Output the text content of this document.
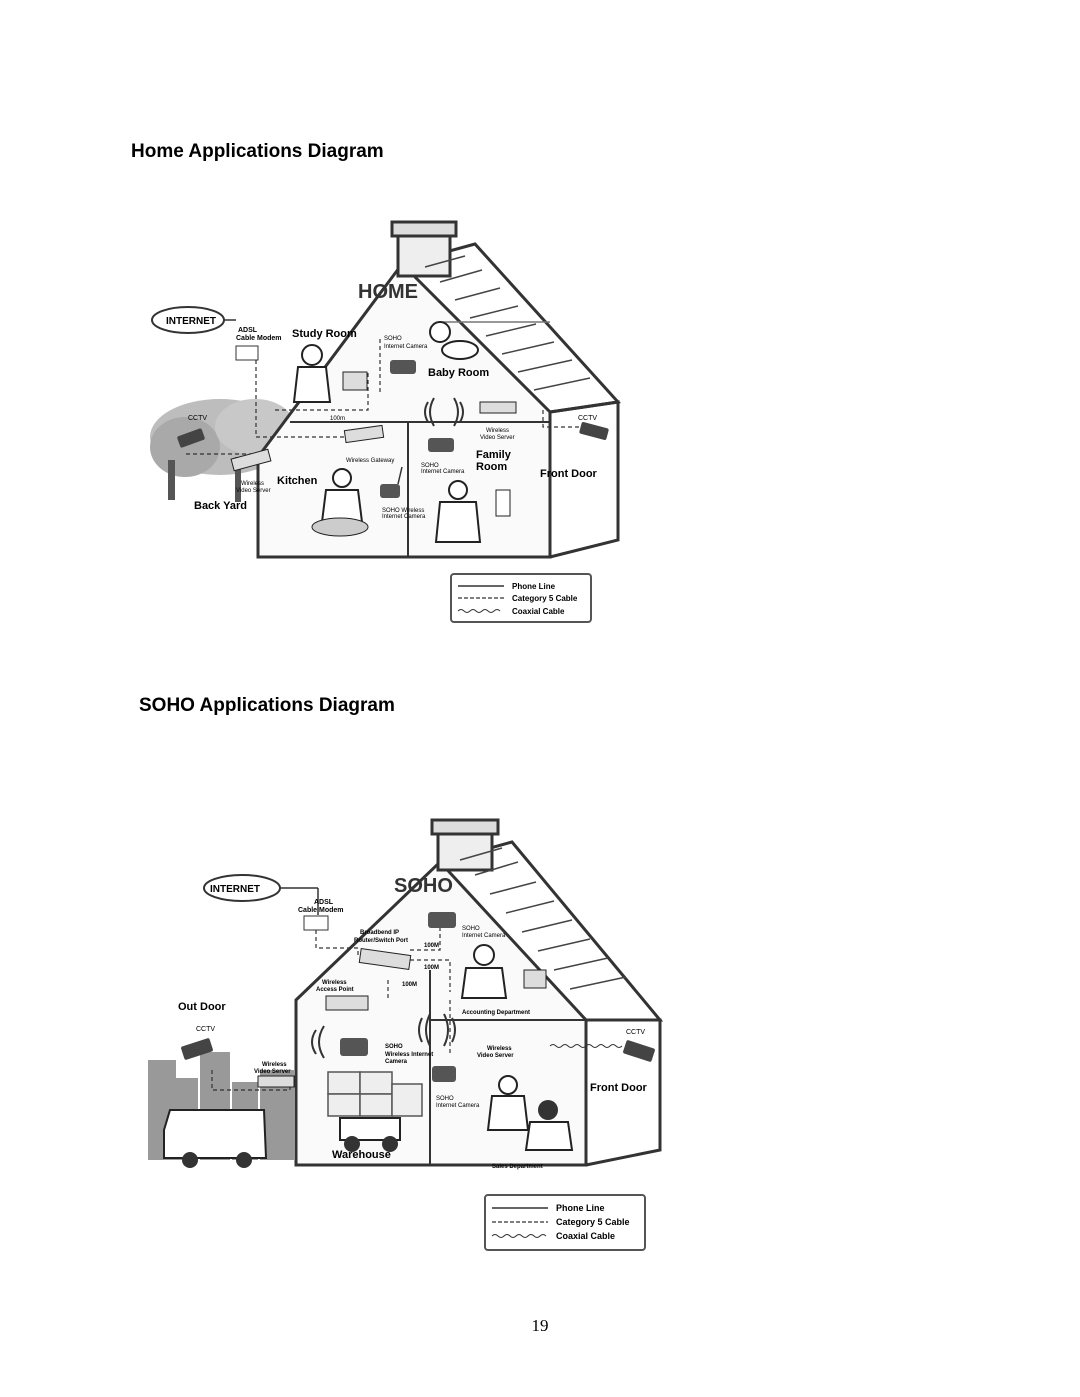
Home Applications Diagram
HOME
INTERNET
ADSL
Cable Modem Study Room	SOHO
Internet Camera
Baby Room
CCTV	100m
Wireless Gateway
Wireless
Video Server
CCTV
SOHO
Internet Camera
Family
Room
Front Door
Wireless
Video Server
Kitchen
Back Yard	SOHO Wireless
Internet Camera
Phone Line
Category 5 Cable
Coaxial Cable
SOHO Applications Diagram
SOHO
INTERNET
ADSL
Cable Modem
Broadbend IP
Router/Switch Port
SOHO
Internet Camera
100M
100M
100M
Accounting Department
Wireless
Access Point
Out Door
CCTV
Wireless
Video Server
SOHO
Wireless Internet
Camera
Wireless
Video Server
CCTV
Front Door
SOHO
Internet Camera
Sales Department
Warehouse
Phone Line
Category 5 Cable
Coaxial Cable
19
